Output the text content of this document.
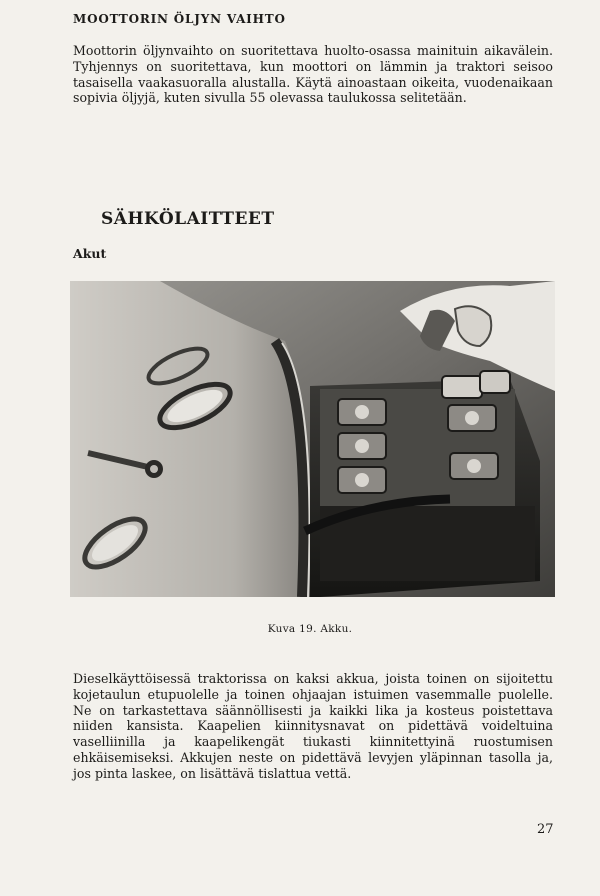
MOOTTORIN ÖLJYN VAIHTO

Moottorin öljynvaihto on suoritettava huolto-osassa mainituin aikavälein. Tyhjennys on suoritettava, kun moottori on lämmin ja traktori seisoo tasaisella vaakasuoralla alustalla. Käytä ainoastaan oikeita, vuodenaikaan sopivia öljyjä, kuten sivulla 55 olevassa taulukossa selitetään.

SÄHKÖLAITTEET
Akut
Kuva 19. Akku.

Dieselkäyttöisessä traktorissa on kaksi akkua, joista toinen on sijoitettu kojetaulun etupuolelle ja toinen ohjaajan istuimen vasemmalle puolelle. Ne on tarkastettava säännöllisesti ja kaikki lika ja kosteus poistettava niiden kansista. Kaapelien kiinnitysnavat on pidettävä voideltuina vaselliinilla ja kaapelikengät tiukasti kiinnitettyinä ruostumisen ehkäisemiseksi. Akkujen neste on pidettävä levyjen yläpinnan tasolla ja, jos pinta laskee, on lisättävä tislattua vettä.

27
